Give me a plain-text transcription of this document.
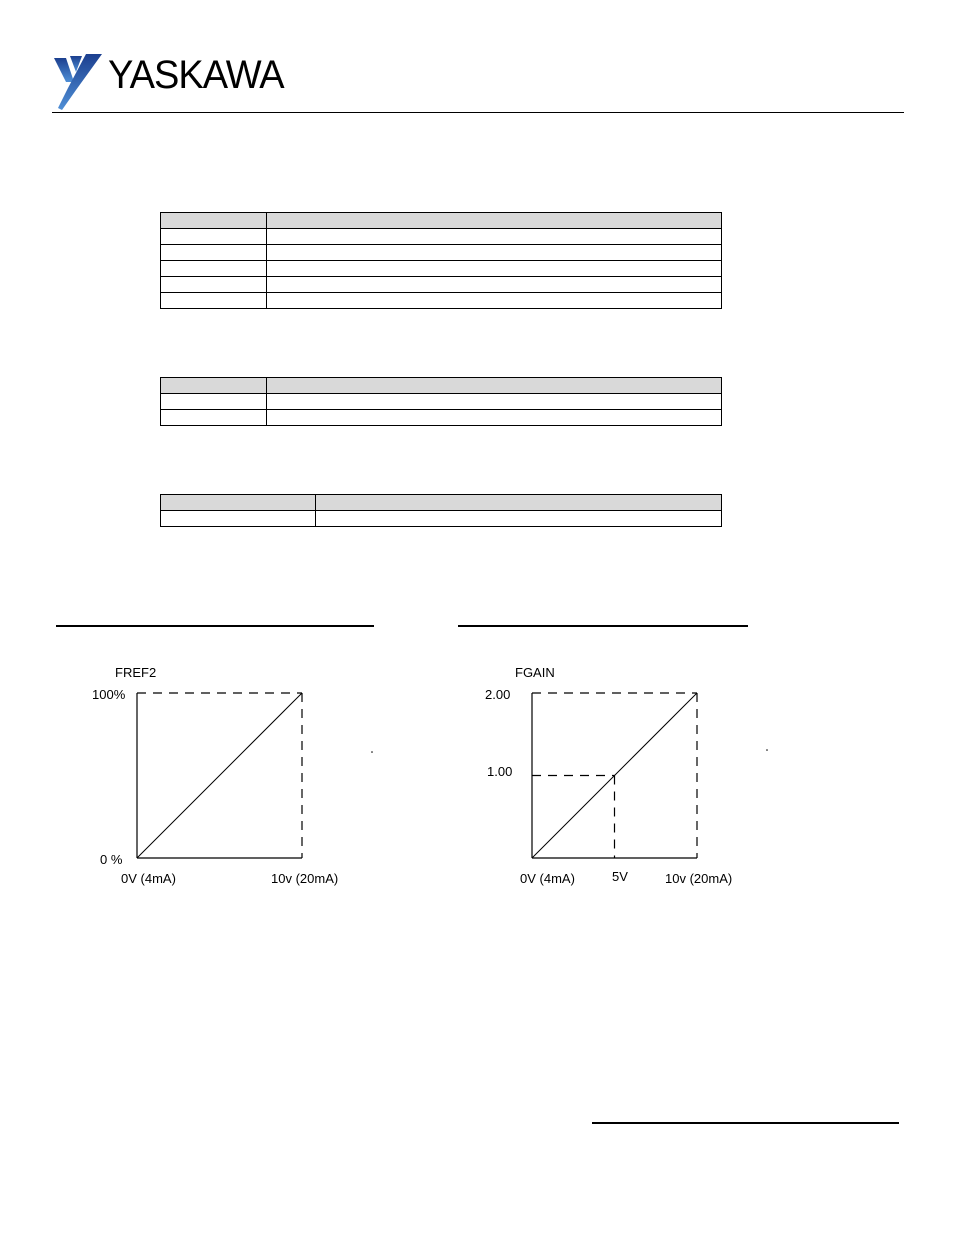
YASKAWA

FREF2
100%
0 %
0V (4mA)	10v (20mA)
FGAIN
2.00
1.00
0V (4mA)	5V	10v (20mA)
